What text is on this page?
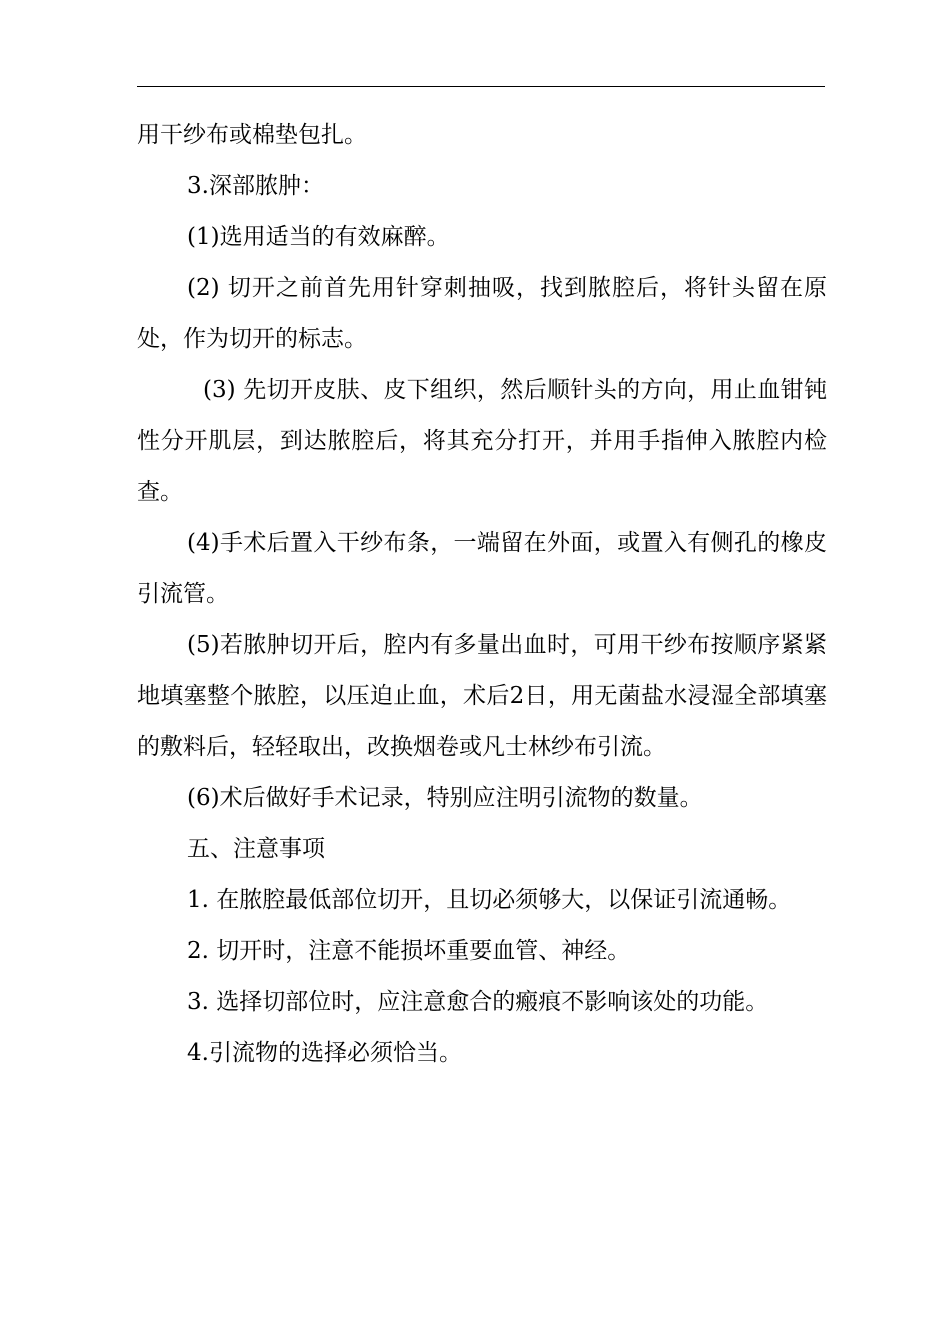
用干纱布或棉垫包扎。

3.深部脓肿：

(1)选用适当的有效麻醉。

(2) 切开之前首先用针穿刺抽吸，找到脓腔后，将针头留在原处，作为切开的标志。

(3) 先切开皮肤、皮下组织，然后顺针头的方向，用止血钳钝性分开肌层，到达脓腔后，将其充分打开，并用手指伸入脓腔内检查。

(4)手术后置入干纱布条，一端留在外面，或置入有侧孔的橡皮引流管。

(5)若脓肿切开后，腔内有多量出血时，可用干纱布按顺序紧紧地填塞整个脓腔，以压迫止血，术后2日，用无菌盐水浸湿全部填塞的敷料后，轻轻取出，改换烟卷或凡士林纱布引流。

(6)术后做好手术记录，特别应注明引流物的数量。

五、注意事项

1. 在脓腔最低部位切开，且切必须够大，以保证引流通畅。

2. 切开时，注意不能损坏重要血管、神经。

3. 选择切部位时，应注意愈合的瘢痕不影响该处的功能。

4.引流物的选择必须恰当。
